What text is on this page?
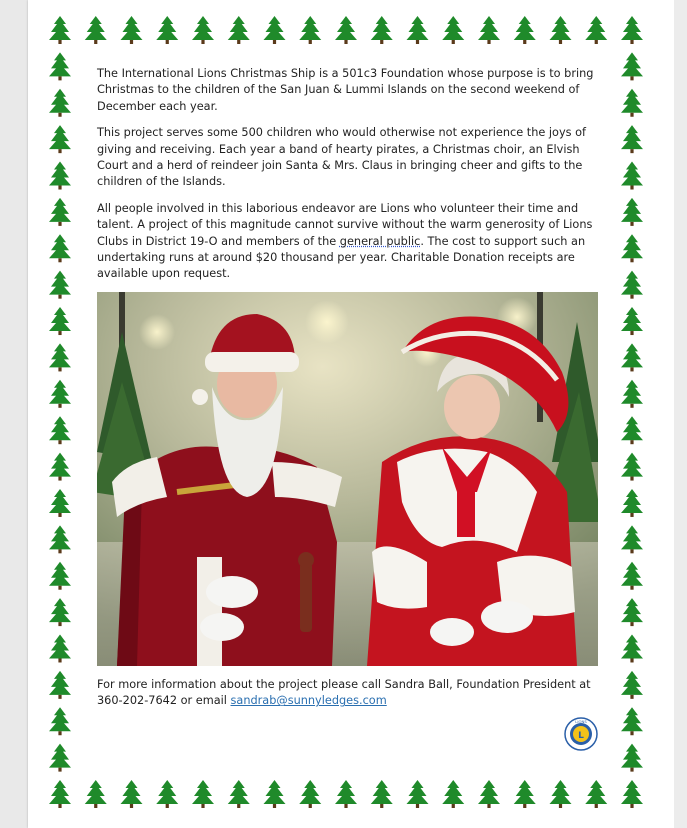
The International Lions Christmas Ship is a 501c3 Foundation whose purpose is to bring Christmas to the children of the San Juan & Lummi Islands on the second weekend of December each year.

This project serves some 500 children who would otherwise not experience the joys of giving and receiving. Each year a band of hearty pirates, a Christmas choir, an Elvish Court and a herd of reindeer join Santa & Mrs. Claus in bringing cheer and gifts to the children of the Islands.

All people involved in this laborious endeavor are Lions who volunteer their time and talent. A project of this magnitude cannot survive without the warm generosity of Lions Clubs in District 19-O and members of the general public. The cost to support such an undertaking runs at around $20 thousand per year. Charitable Donation receipts are available upon request.

For more information about the project please call Sandra Ball, Foundation President at 360-202-7642 or email sandrab@sunnyledges.com
L
LIONS
